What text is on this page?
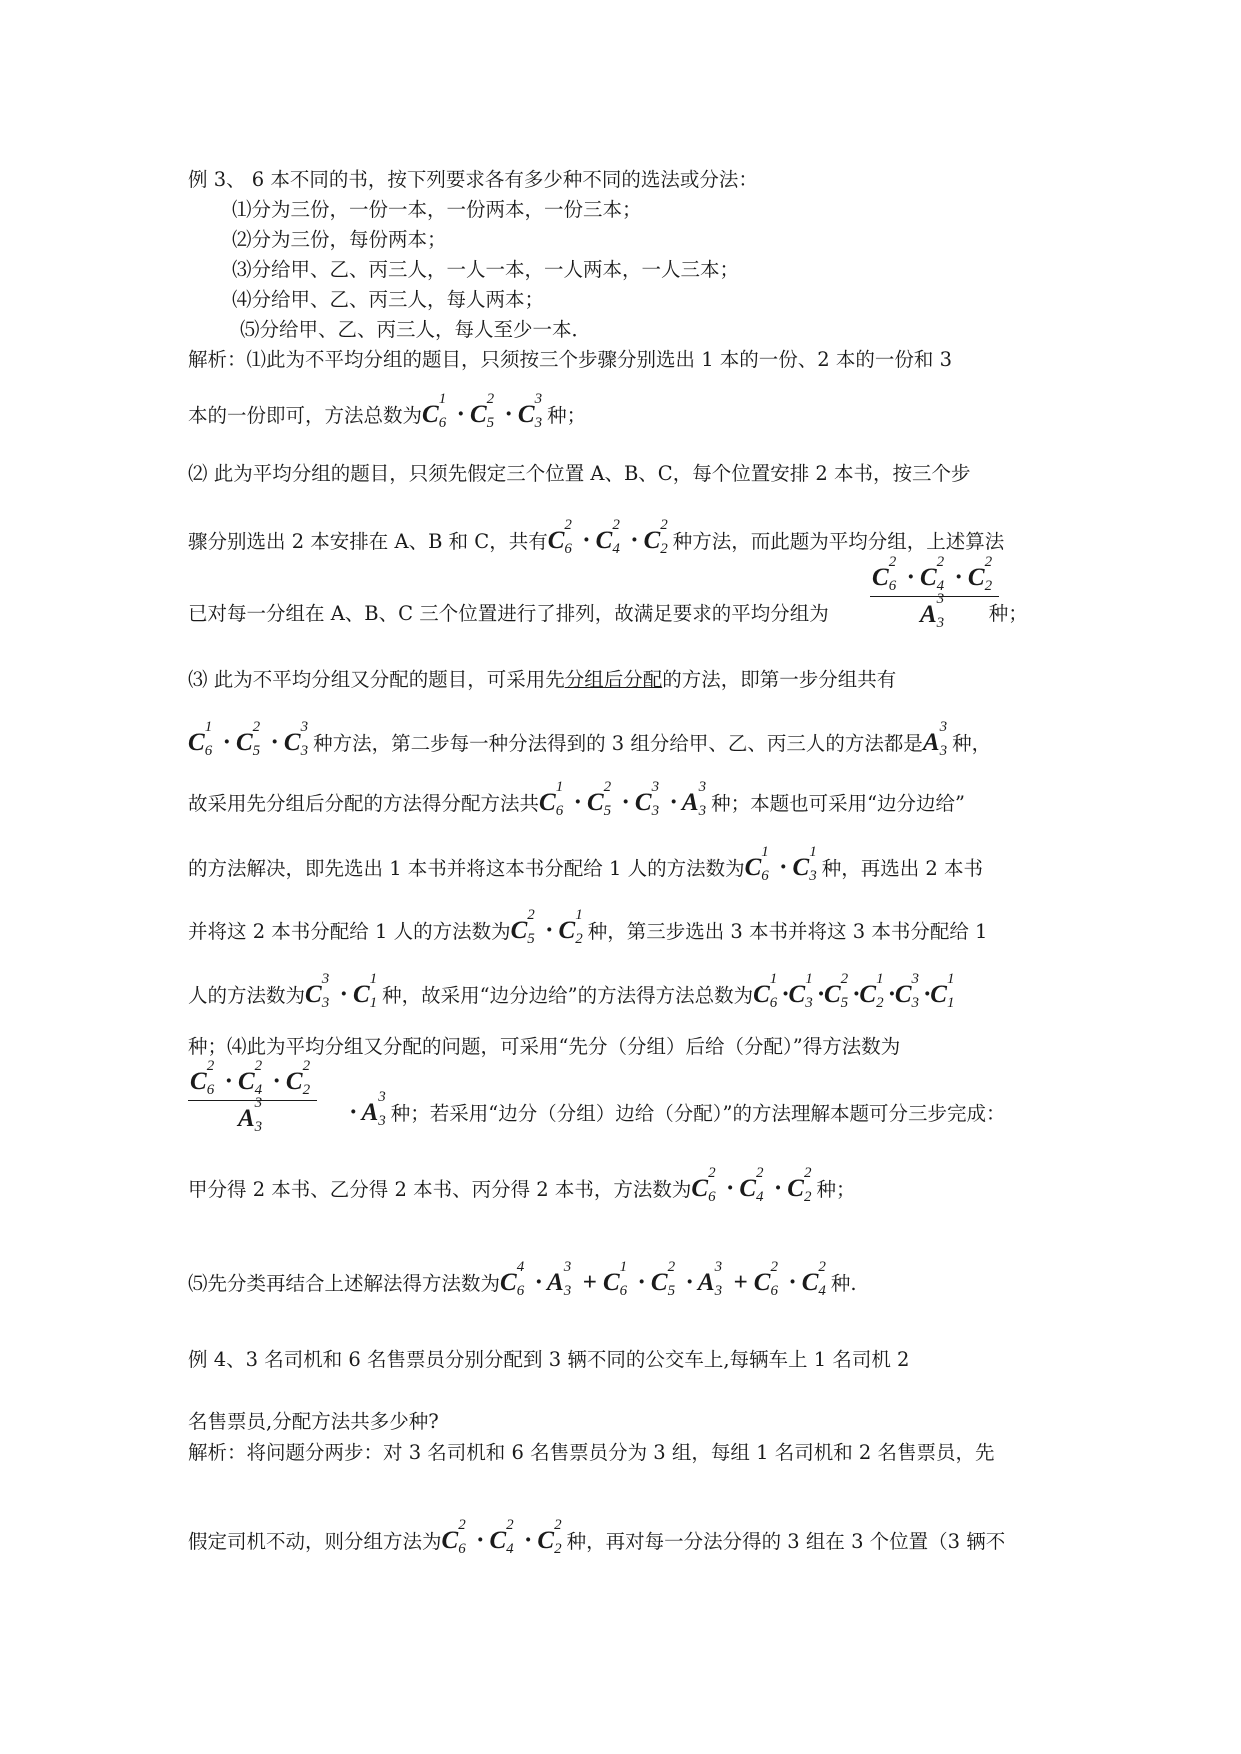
例 3、 6 本不同的书，按下列要求各有多少种不同的选法或分法：
⑴分为三份，一份一本，一份两本，一份三本；
⑵分为三份，每份两本；
⑶分给甲、乙、丙三人，一人一本，一人两本，一人三本；
⑷分给甲、乙、丙三人，每人两本；
⑸分给甲、乙、丙三人，每人至少一本．
解析：⑴此为不平均分组的题目，只须按三个步骤分别选出 1 本的一份、2 本的一份和 3
本的一份即可，方法总数为C
1
6 · C
2
5 · C
3
3 种；
⑵ 此为平均分组的题目，只须先假定三个位置 A、B、C，每个位置安排 2 本书，按三个步
骤分别选出 2 本安排在 A、B 和 C，共有C
2
6 · C
2
4 · C
2
2 种方法，而此题为平均分组，上述算法
已对每一分组在 A、B、C 三个位置进行了排列，故满足要求的平均分组为	种；
C
2
6 · C
2
4 · C
2
2
A
3
3
⑶ 此为不平均分组又分配的题目，可采用先分组后分配的方法，即第一步分组共有
C
1
6 · C
2
5 · C
3
3 种方法，第二步每一种分法得到的 3 组分给甲、乙、丙三人的方法都是A
3
3 种，
故采用先分组后分配的方法得分配方法共C
1
6 · C
2
5 · C
3
3 · A
3
3 种；本题也可采用“边分边给”
的方法解决，即先选出 1 本书并将这本书分配给 1 人的方法数为C
1
6 · C
1
3 种，再选出 2 本书
并将这 2 本书分配给 1 人的方法数为C
2
5 · C
1
2 种，第三步选出 3 本书并将这 3 本书分配给 1
人的方法数为C
3
3 · C
1
1 种，故采用“边分边给”的方法得方法总数为C
1
6 ·C
1
3 ·C
2
5 ·C
1
2 ·C
3
3 ·C
1
1
种；⑷此为平均分组又分配的问题，可采用“先分（分组）后给（分配）”得方法数为
C
2
6 · C
2
4 · C
2
2
A
3
3 · A
3
3 种；若采用“边分（分组）边给（分配）”的方法理解本题可分三步完成：
甲分得 2 本书、乙分得 2 本书、丙分得 2 本书，方法数为C
2
6 · C
2
4 · C
2
2 种；
⑸先分类再结合上述解法得方法数为C
4
6 · A
3
3 + C
1
6 · C
2
5 · A
3
3 + C
2
6 · C
2
4 种.
例 4、3 名司机和 6 名售票员分别分配到 3 辆不同的公交车上,每辆车上 1 名司机 2
名售票员,分配方法共多少种?
解析：将问题分两步：对 3 名司机和 6 名售票员分为 3 组，每组 1 名司机和 2 名售票员，先
假定司机不动，则分组方法为C
2
6 · C
2
4 · C
2
2 种，再对每一分法分得的 3 组在 3 个位置（3 辆不
